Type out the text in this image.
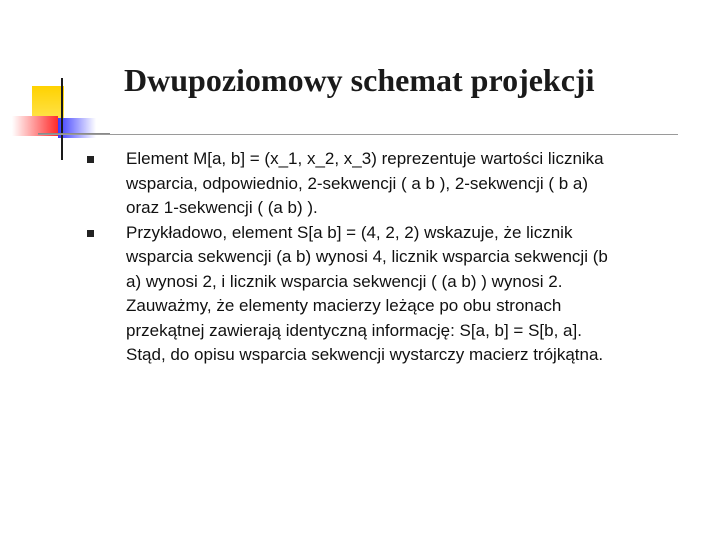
Dwupoziomowy schemat projekcji
Element M[a, b] = (x_1, x_2, x_3) reprezentuje wartości licznika
wsparcia, odpowiednio, 2-sekwencji ( a b ), 2-sekwencji ( b a)
oraz 1-sekwencji ( (a b) ).
Przykładowo, element S[a b] = (4, 2, 2) wskazuje, że licznik
wsparcia sekwencji (a b) wynosi 4, licznik wsparcia sekwencji (b
a) wynosi 2, i licznik wsparcia sekwencji ( (a b) ) wynosi 2.
Zauważmy, że elementy macierzy leżące po obu stronach
przekątnej zawierają identyczną informację: S[a, b] = S[b, a].
Stąd, do opisu wsparcia sekwencji wystarczy macierz trójkątna.
